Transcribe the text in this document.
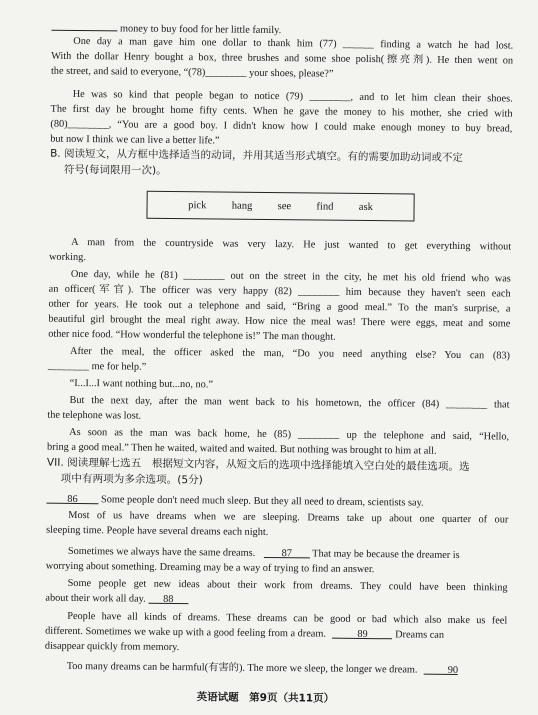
money to buy food for her little family.
One day a man gave him one dollar to thank him (77) ______ finding a watch he had lost.
With the dollar Henry bought a box, three brushes and some shoe polish(擦亮剂). He then went on
the street, and said to everyone, “(78)________ your shoes, please?”
He was so kind that people began to notice (79) ________, and to let him clean their shoes.
The first day he brought home fifty cents. When he gave the money to his mother, she cried with
(80)________, “You are a good boy. I didn't know how I could make enough money to buy bread,
but now I think we can live a better life.”
B. 阅读短文，从方框中选择适当的动词，并用其适当形式填空。有的需要加助动词或不定
符号(每词限用一次)。
pick hang see find ask
A man from the countryside was very lazy. He just wanted to get everything without
working.
One day, while he (81) ________ out on the street in the city, he met his old friend who was
an officer(军官). The officer was very happy (82) ________ him because they haven't seen each
other for years. He took out a telephone and said, “Bring a good meal.” To the man's surprise, a
beautiful girl brought the meal right away. How nice the meal was! There were eggs, meat and some
other nice food. “How wonderful the telephone is!” The man thought.
After the meal, the officer asked the man, “Do you need anything else? You can (83)
________ me for help.”
“I...I...I want nothing but...no, no.”
But the next day, after the man went back to his hometown, the officer (84) ________ that
the telephone was lost.
As soon as the man was back home, he (85) ________ up the telephone and said, “Hello,
bring a good meal.” Then he waited, waited and waited. But nothing was brought to him at all.
VII. 阅读理解七选五　根据短文内容，从短文后的选项中选择能填入空白处的最佳选项。选
项中有两项为多余选项。(5分)
86 Some people don't need much sleep. But they all need to dream, scientists say.
Most of us have dreams when we are sleeping. Dreams take up about one quarter of our
sleeping time. People have several dreams each night.
Sometimes we always have the same dreams.	87 That may be because the dreamer is
worrying about something. Dreaming may be a way of trying to find an answer.
Some people get new ideas about their work from dreams. They could have been thinking
about their work all day. 88
People have all kinds of dreams. These dreams can be good or bad which also make us feel
different. Sometimes we wake up with a good feeling from a dream.	89 Dreams can
disappear quickly from memory.
Too many dreams can be harmful(有害的). The more we sleep, the longer we dream.	90
英语试题　第9页（共11页）
